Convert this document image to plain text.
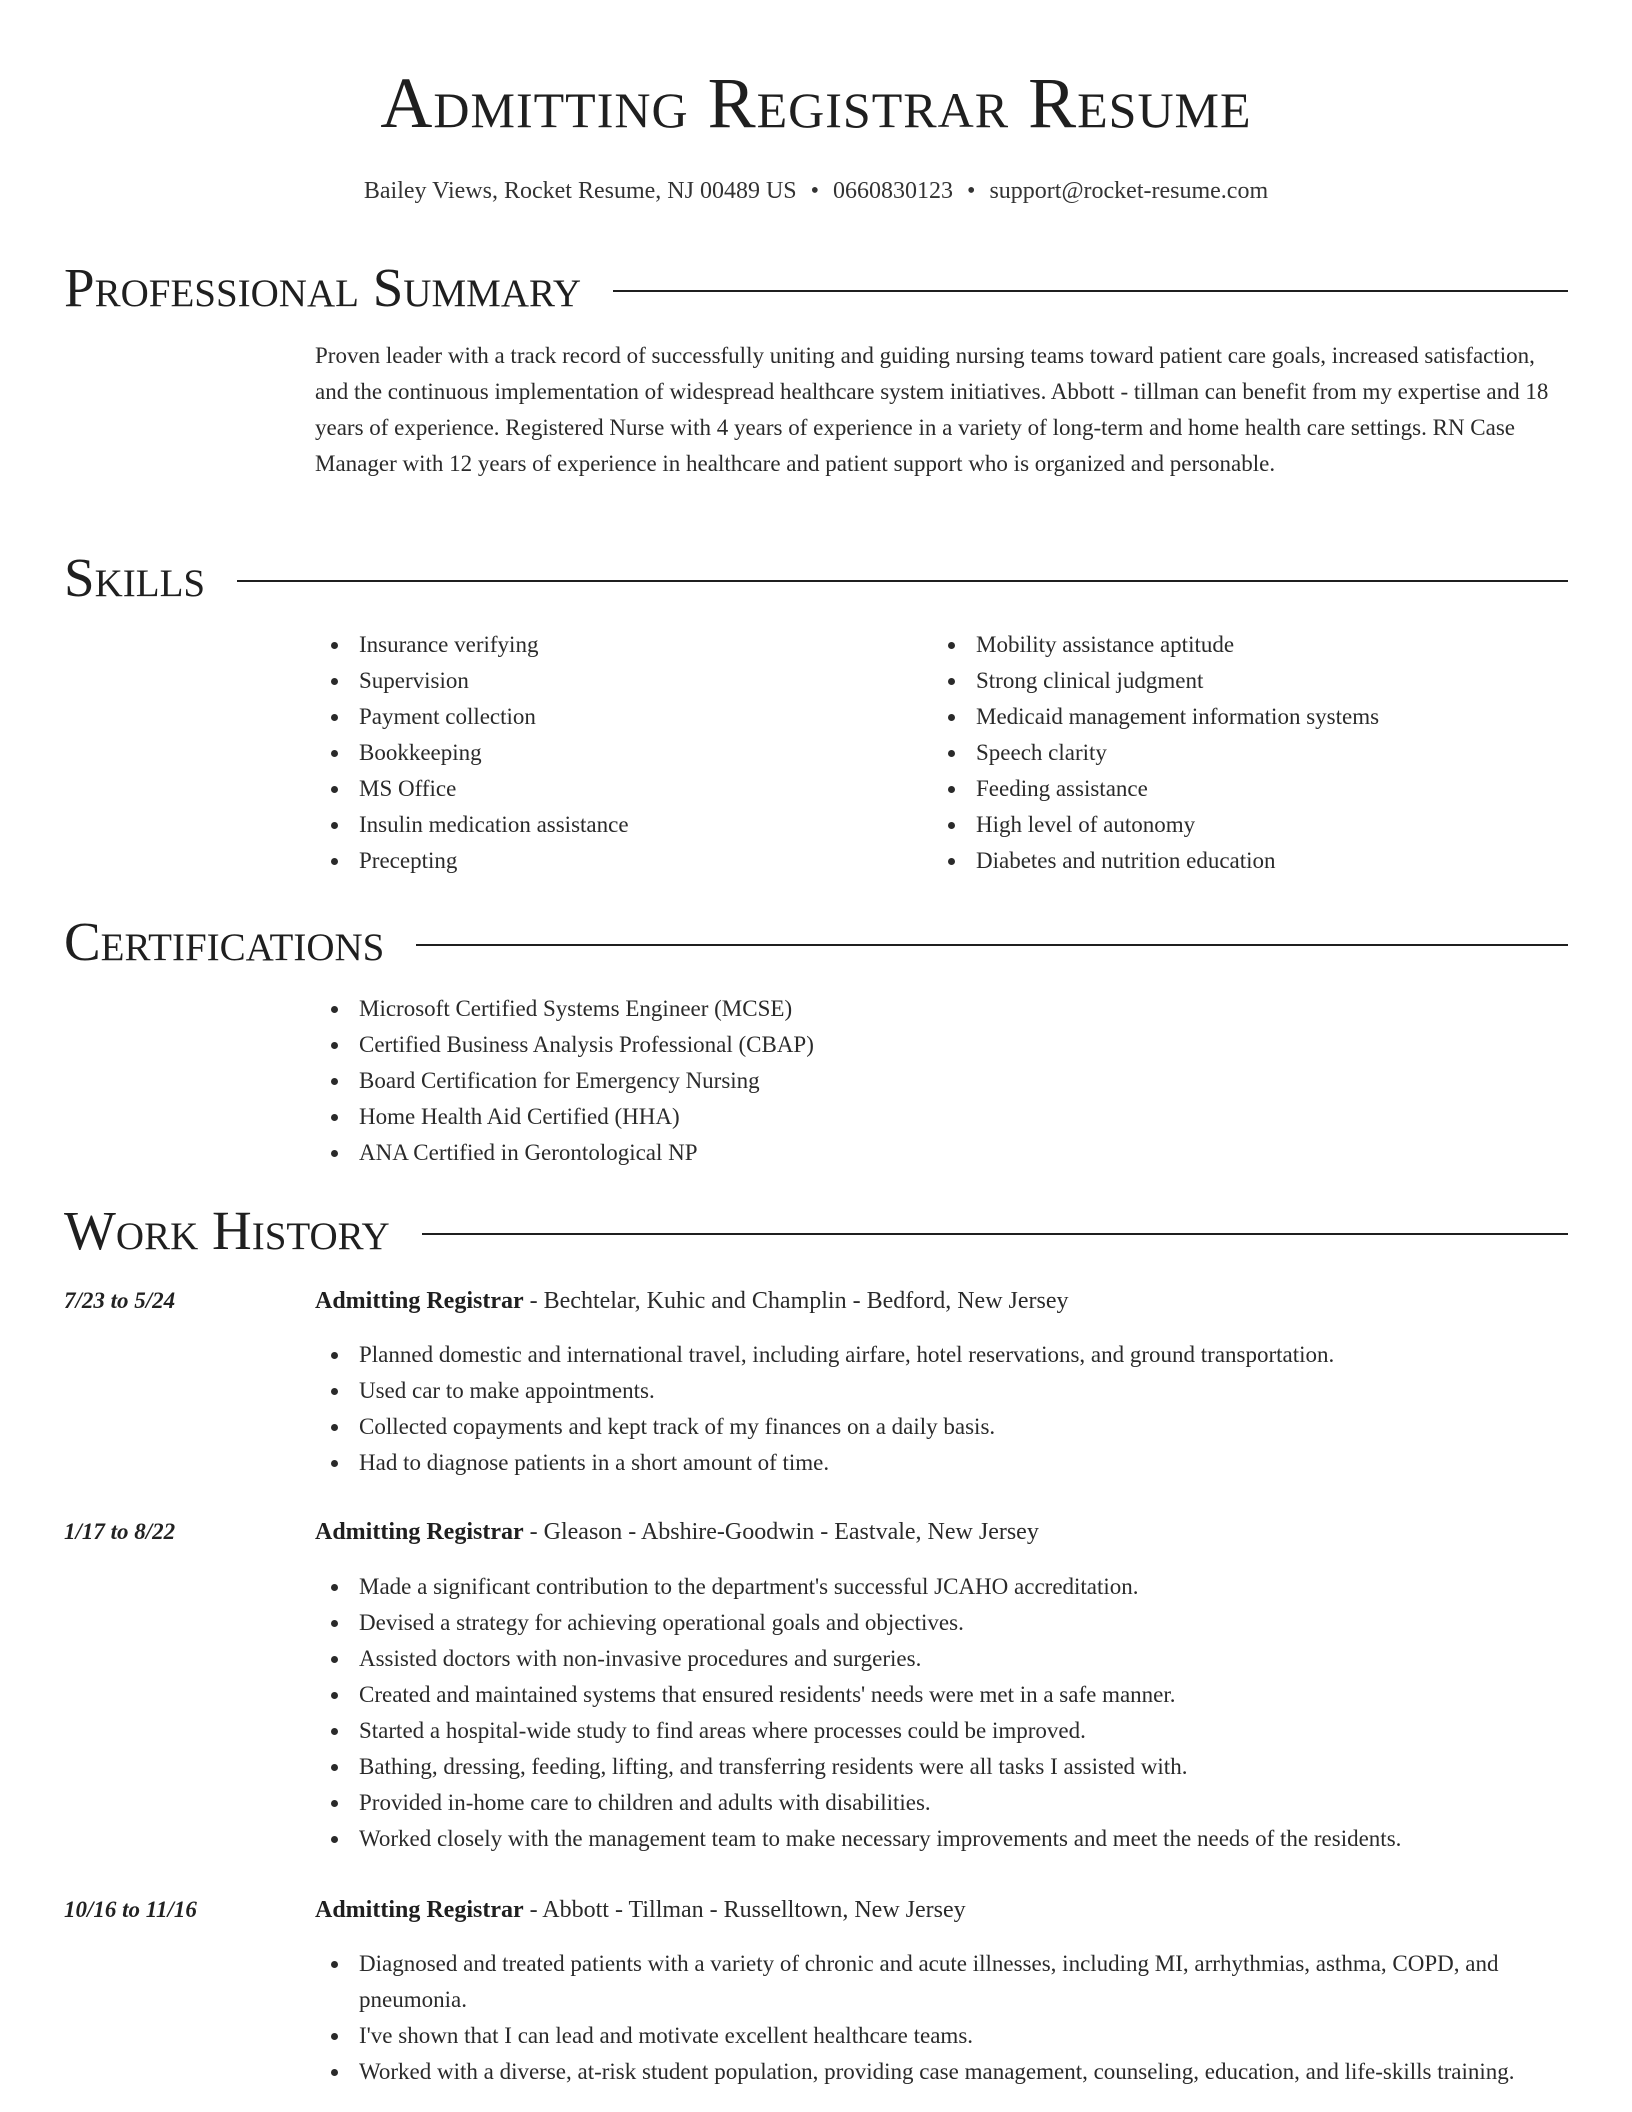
Admitting Registrar Resume
Bailey Views, Rocket Resume, NJ 00489 US • 0660830123 • support@rocket-resume.com
Professional Summary
Proven leader with a track record of successfully uniting and guiding nursing teams toward patient care goals, increased satisfaction, and the continuous implementation of widespread healthcare system initiatives. Abbott - tillman can benefit from my expertise and 18 years of experience. Registered Nurse with 4 years of experience in a variety of long-term and home health care settings. RN Case Manager with 12 years of experience in healthcare and patient support who is organized and personable.
Skills
Insurance verifying
Supervision
Payment collection
Bookkeeping
MS Office
Insulin medication assistance
Precepting
Mobility assistance aptitude
Strong clinical judgment
Medicaid management information systems
Speech clarity
Feeding assistance
High level of autonomy
Diabetes and nutrition education
Certifications
Microsoft Certified Systems Engineer (MCSE)
Certified Business Analysis Professional (CBAP)
Board Certification for Emergency Nursing
Home Health Aid Certified (HHA)
ANA Certified in Gerontological NP
Work History
7/23 to 5/24	Admitting Registrar - Bechtelar, Kuhic and Champlin - Bedford, New Jersey
Planned domestic and international travel, including airfare, hotel reservations, and ground transportation.
Used car to make appointments.
Collected copayments and kept track of my finances on a daily basis.
Had to diagnose patients in a short amount of time.
1/17 to 8/22	Admitting Registrar - Gleason - Abshire-Goodwin - Eastvale, New Jersey
Made a significant contribution to the department's successful JCAHO accreditation.
Devised a strategy for achieving operational goals and objectives.
Assisted doctors with non-invasive procedures and surgeries.
Created and maintained systems that ensured residents' needs were met in a safe manner.
Started a hospital-wide study to find areas where processes could be improved.
Bathing, dressing, feeding, lifting, and transferring residents were all tasks I assisted with.
Provided in-home care to children and adults with disabilities.
Worked closely with the management team to make necessary improvements and meet the needs of the residents.
10/16 to 11/16	Admitting Registrar - Abbott - Tillman - Russelltown, New Jersey
Diagnosed and treated patients with a variety of chronic and acute illnesses, including MI, arrhythmias, asthma, COPD, and pneumonia.
I've shown that I can lead and motivate excellent healthcare teams.
Worked with a diverse, at-risk student population, providing case management, counseling, education, and life-skills training.
